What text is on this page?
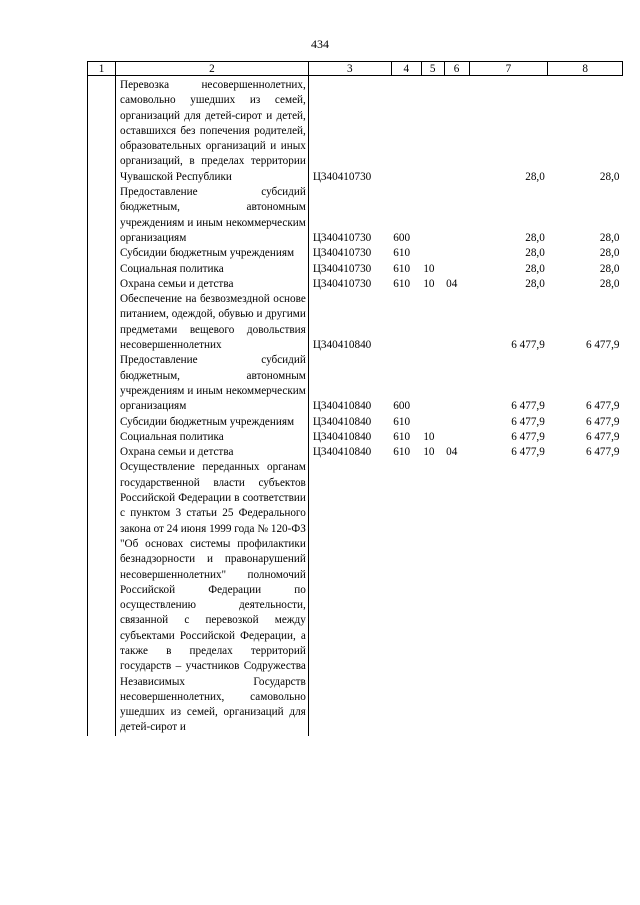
434
1	2	3	4	5	6	7	8
	Перевозка несовершеннолетних, самовольно ушедших из семей, организаций для детей-сирот и детей, оставшихся без попечения родителей, образовательных организаций и иных организаций, в пределах территории Чувашской Республики	Ц340410730				28,0	28,0
	Предоставление субсидий бюджетным, автономным учреждениям и иным некоммерческим организациям	Ц340410730	600			28,0	28,0
	Субсидии бюджетным учреждениям	Ц340410730	610			28,0	28,0
	Социальная политика	Ц340410730	610	10		28,0	28,0
	Охрана семьи и детства	Ц340410730	610	10	04	28,0	28,0
	Обеспечение на безвозмездной основе питанием, одеждой, обувью и другими предметами вещевого довольствия несовершеннолетних	Ц340410840				6 477,9	6 477,9
	Предоставление субсидий бюджетным, автономным учреждениям и иным некоммерческим организациям	Ц340410840	600			6 477,9	6 477,9
	Субсидии бюджетным учреждениям	Ц340410840	610			6 477,9	6 477,9
	Социальная политика	Ц340410840	610	10		6 477,9	6 477,9
	Охрана семьи и детства	Ц340410840	610	10	04	6 477,9	6 477,9
	Осуществление переданных органам государственной власти субъектов Российской Федерации в соответствии с пунктом 3 статьи 25 Федерального закона от 24 июня 1999 года № 120-ФЗ "Об основах системы профилактики безнадзорности и правонарушений несовершеннолетних" полномочий Российской Федерации по осуществлению деятельности, связанной с перевозкой между субъектами Российской Федерации, а также в пределах территорий государств – участников Содружества Независимых Государств несовершеннолетних, самовольно ушедших из семей, организаций для детей-сирот и						
